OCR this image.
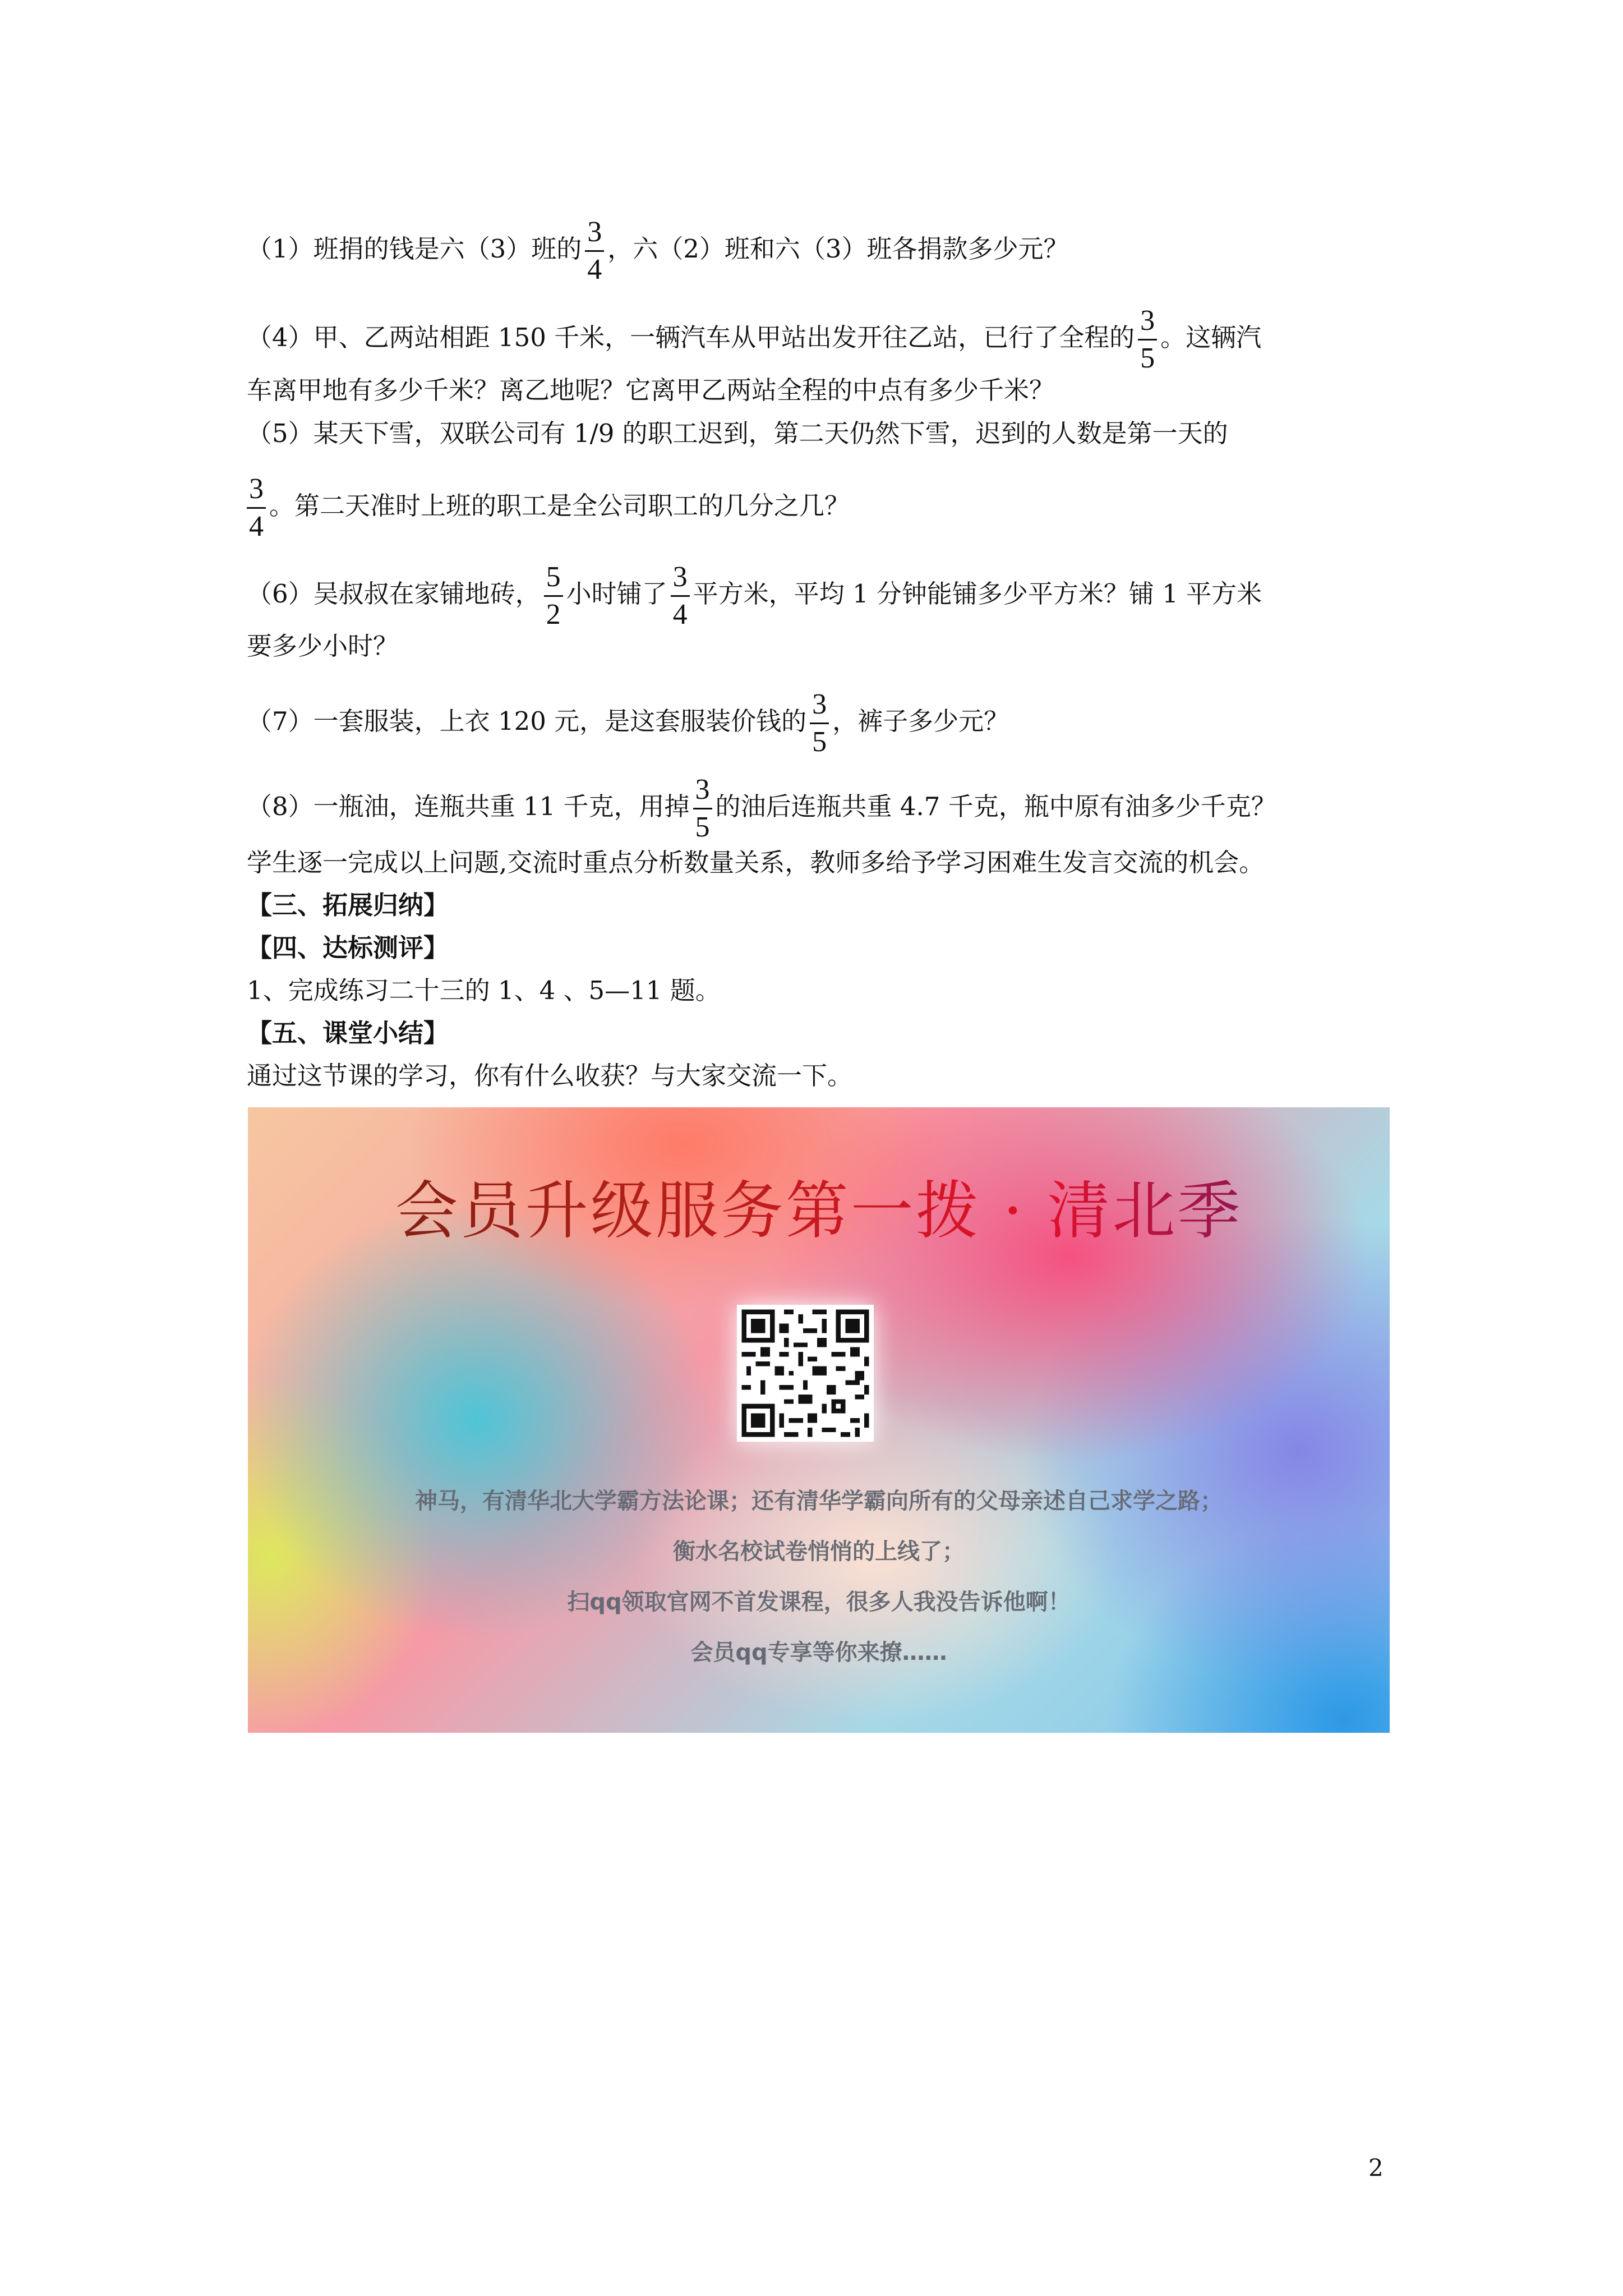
（1）班捐的钱是六（3）班的 $\frac{3}{4}$ ，六（2）班和六（3）班各捐款多少元？
（4）甲、乙两站相距 150 千米，一辆汽车从甲站出发开往乙站，已行了全程的 $\frac{3}{5}$ 。这辆汽
车离甲地有多少千米？离乙地呢？它离甲乙两站全程的中点有多少千米？
（5）某天下雪，双联公司有 1/9 的职工迟到，第二天仍然下雪，迟到的人数是第一天的
$\frac{3}{4}$ 。第二天准时上班的职工是全公司职工的几分之几？
（6）吴叔叔在家铺地砖， $\frac{5}{2}$ 小时铺了 $\frac{3}{4}$ 平方米，平均 1 分钟能铺多少平方米？铺 1 平方米
要多少小时？
（7）一套服装，上衣 120 元，是这套服装价钱的 $\frac{3}{5}$ ，裤子多少元？
（8）一瓶油，连瓶共重 11 千克，用掉 $\frac{3}{5}$ 的油后连瓶共重 4.7 千克，瓶中原有油多少千克？
学生逐一完成以上问题,交流时重点分析数量关系，教师多给予学习困难生发言交流的机会。
【三、拓展归纳】
【四、达标测评】
1、完成练习二十三的 1、4 、5—11 题。
【五、课堂小结】
通过这节课的学习，你有什么收获？与大家交流一下。
会员升级服务第一拨 · 清北季
神马，有清华北大学霸方法论课；还有清华学霸向所有的父母亲述自己求学之路；
衡水名校试卷悄悄的上线了；
扫qq领取官网不首发课程，很多人我没告诉他啊！
会员qq专享等你来撩……
2
